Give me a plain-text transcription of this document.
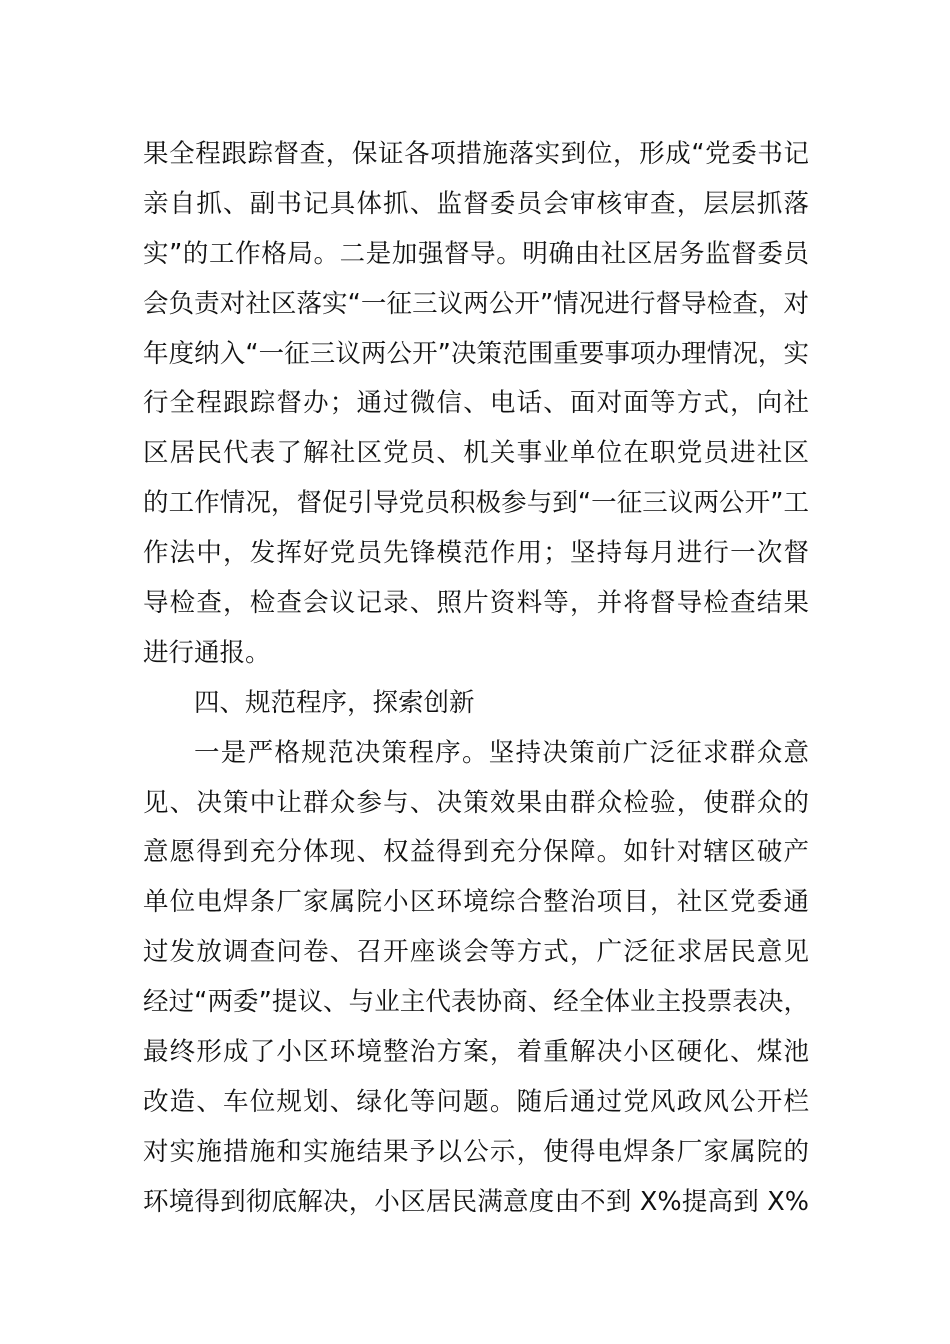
果全程跟踪督查，保证各项措施落实到位，形成“党委书记
亲自抓、副书记具体抓、监督委员会审核审查，层层抓落
实”的工作格局。二是加强督导。明确由社区居务监督委员
会负责对社区落实“一征三议两公开”情况进行督导检查，对
年度纳入“一征三议两公开”决策范围重要事项办理情况，实
行全程跟踪督办；通过微信、电话、面对面等方式，向社
区居民代表了解社区党员、机关事业单位在职党员进社区
的工作情况，督促引导党员积极参与到“一征三议两公开”工
作法中，发挥好党员先锋模范作用；坚持每月进行一次督
导检查，检查会议记录、照片资料等，并将督导检查结果
进行通报。
四、规范程序，探索创新
一是严格规范决策程序。坚持决策前广泛征求群众意
见、决策中让群众参与、决策效果由群众检验，使群众的
意愿得到充分体现、权益得到充分保障。如针对辖区破产
单位电焊条厂家属院小区环境综合整治项目，社区党委通
过发放调查问卷、召开座谈会等方式，广泛征求居民意见
经过“两委”提议、与业主代表协商、经全体业主投票表决，
最终形成了小区环境整治方案，着重解决小区硬化、煤池
改造、车位规划、绿化等问题。随后通过党风政风公开栏
对实施措施和实施结果予以公示，使得电焊条厂家属院的
环境得到彻底解决，小区居民满意度由不到 X%提高到 X%
